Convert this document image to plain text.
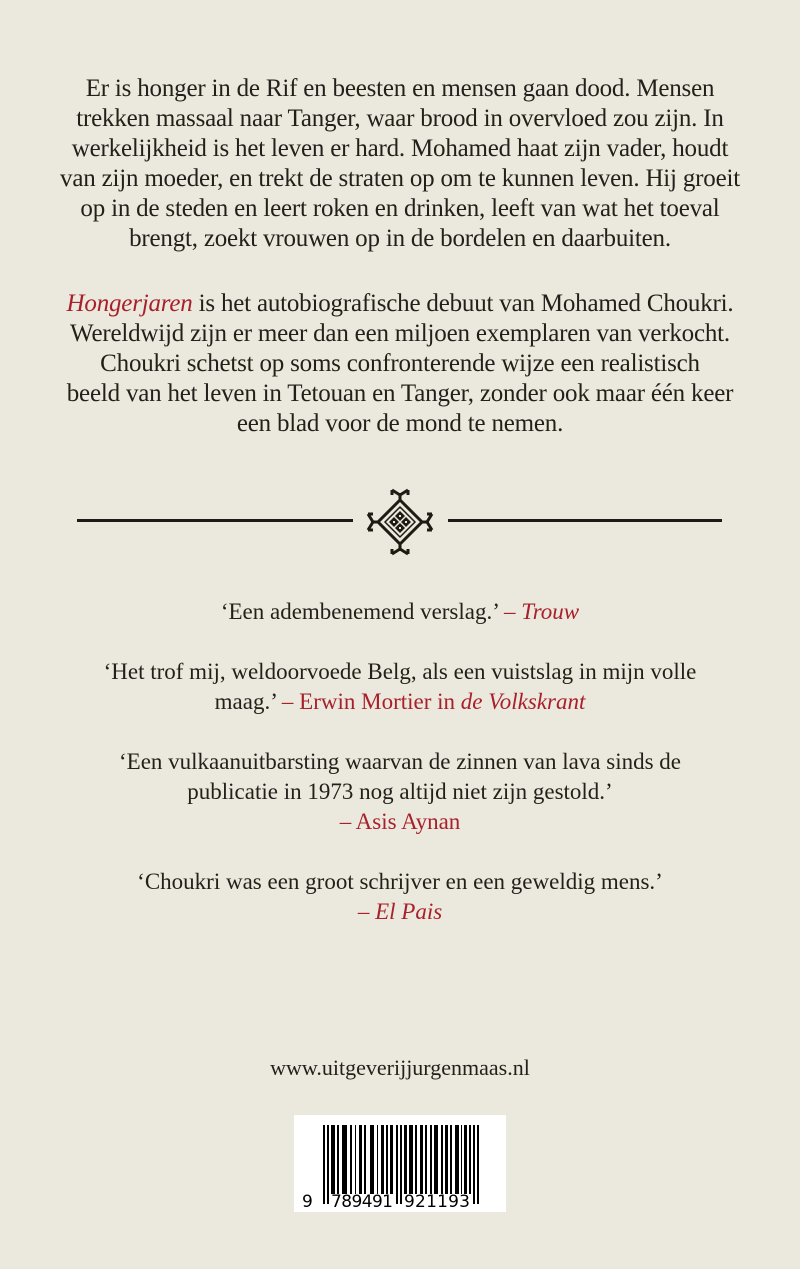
Er is honger in de Rif en beesten en mensen gaan dood. Mensen

trekken massaal naar Tanger, waar brood in overvloed zou zijn. In

werkelijkheid is het leven er hard. Mohamed haat zijn vader, houdt

van zijn moeder, en trekt de straten op om te kunnen leven. Hij groeit

op in de steden en leert roken en drinken, leeft van wat het toeval

brengt, zoekt vrouwen op in de bordelen en daarbuiten.

Hongerjaren is het autobiografische debuut van Mohamed Choukri.

Wereldwijd zijn er meer dan een miljoen exemplaren van verkocht.

Choukri schetst op soms confronterende wijze een realistisch

beeld van het leven in Tetouan en Tanger, zonder ook maar één keer

een blad voor de mond te nemen.

‘Een adembenemend verslag.’ – Trouw
‘Het trof mij, weldoorvoede Belg, als een vuistslag in mijn volle
maag.’ – Erwin Mortier in de Volkskrant
‘Een vulkaanuitbarsting waarvan de zinnen van lava sinds de
publicatie in 1973 nog altijd niet zijn gestold.’
– Asis Aynan
‘Choukri was een groot schrijver en een geweldig mens.’
– El Pais
www.uitgeverijjurgenmaas.nl
9 789491 921193
